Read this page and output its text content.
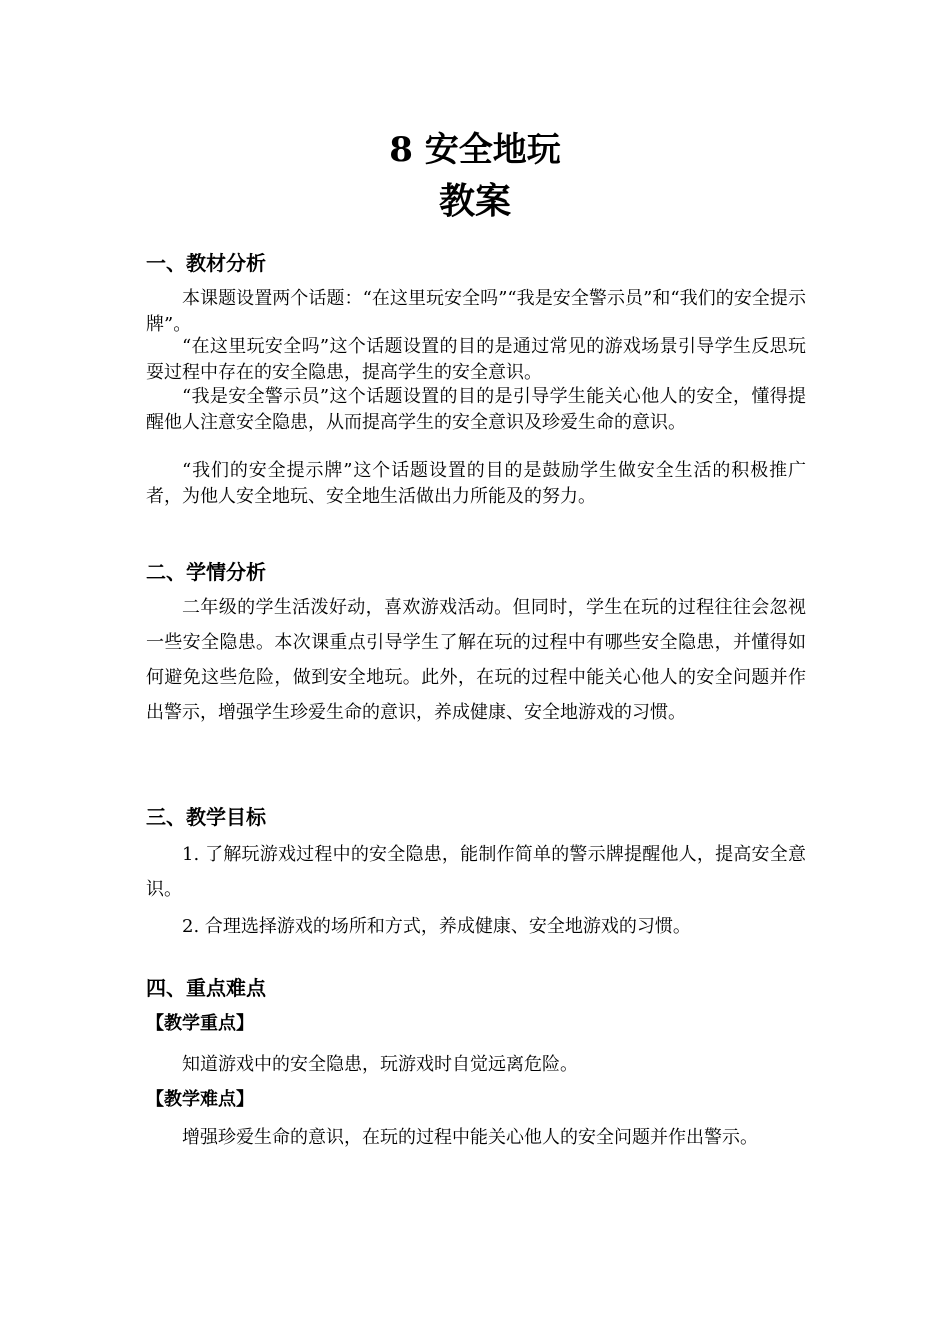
8 安全地玩
教案
一、教材分析

本课题设置两个话题：“在这里玩安全吗”“我是安全警示员”和“我们的安全提示牌”。

“在这里玩安全吗”这个话题设置的目的是通过常见的游戏场景引导学生反思玩耍过程中存在的安全隐患，提高学生的安全意识。

“我是安全警示员”这个话题设置的目的是引导学生能关心他人的安全，懂得提醒他人注意安全隐患，从而提高学生的安全意识及珍爱生命的意识。

“我们的安全提示牌”这个话题设置的目的是鼓励学生做安全生活的积极推广者，为他人安全地玩、安全地生活做出力所能及的努力。

二、学情分析

二年级的学生活泼好动，喜欢游戏活动。但同时，学生在玩的过程往往会忽视一些安全隐患。本次课重点引导学生了解在玩的过程中有哪些安全隐患，并懂得如何避免这些危险，做到安全地玩。此外，在玩的过程中能关心他人的安全问题并作出警示，增强学生珍爱生命的意识，养成健康、安全地游戏的习惯。

三、教学目标

1. 了解玩游戏过程中的安全隐患，能制作简单的警示牌提醒他人，提高安全意识。

2. 合理选择游戏的场所和方式，养成健康、安全地游戏的习惯。

四、重点难点
【教学重点】

知道游戏中的安全隐患，玩游戏时自觉远离危险。

【教学难点】

增强珍爱生命的意识，在玩的过程中能关心他人的安全问题并作出警示。
